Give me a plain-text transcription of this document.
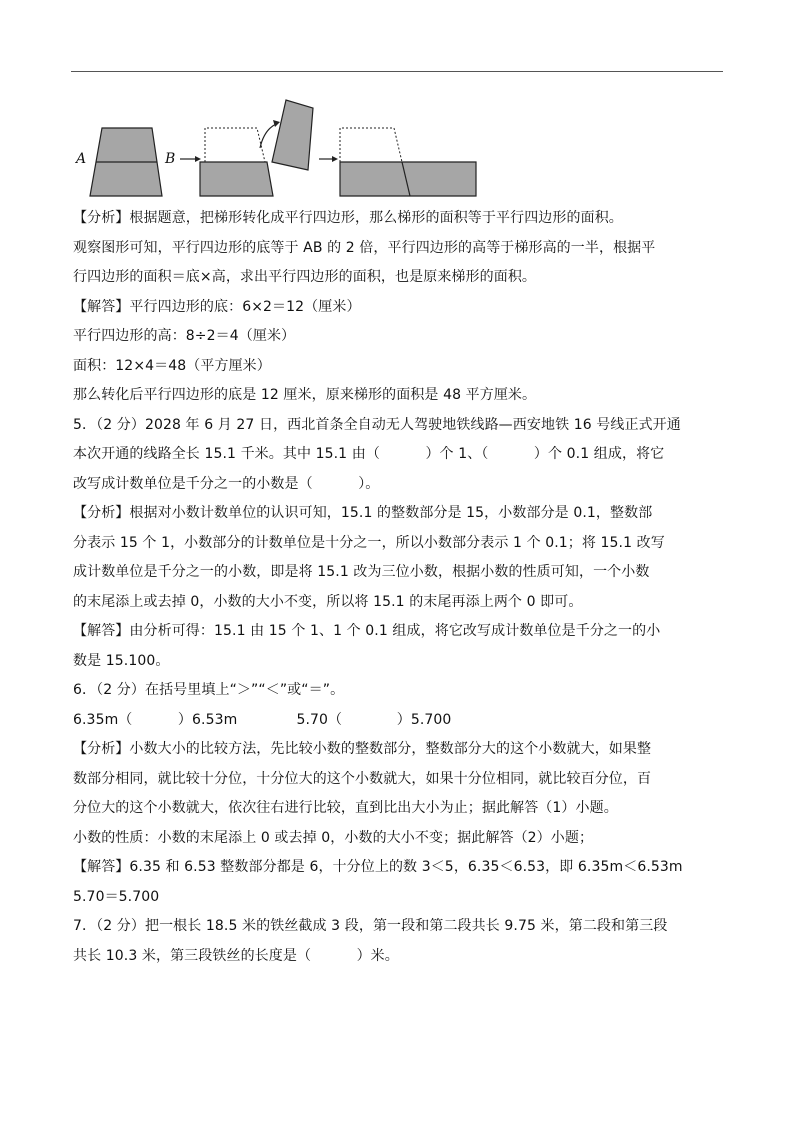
A	B
【分析】根据题意，把梯形转化成平行四边形，那么梯形的面积等于平行四边形的面积。
观察图形可知，平行四边形的底等于 AB 的 2 倍，平行四边形的高等于梯形高的一半，根据平
行四边形的面积＝底×高，求出平行四边形的面积，也是原来梯形的面积。
【解答】平行四边形的底：6×2＝12（厘米）
平行四边形的高：8÷2＝4（厘米）
面积：12×4＝48（平方厘米）
那么转化后平行四边形的底是 12 厘米，原来梯形的面积是 48 平方厘米。
5．（2 分）2028 年 6 月 27 日，西北首条全自动无人驾驶地铁线路—西安地铁 16 号线正式开通
本次开通的线路全长 15.1 千米。其中 15.1 由（          ）个 1、（          ）个 0.1 组成，将它
改写成计数单位是千分之一的小数是（          ）。
【分析】根据对小数计数单位的认识可知，15.1 的整数部分是 15，小数部分是 0.1，整数部
分表示 15 个 1，小数部分的计数单位是十分之一，所以小数部分表示 1 个 0.1；将 15.1 改写
成计数单位是千分之一的小数，即是将 15.1 改为三位小数，根据小数的性质可知，一个小数
的末尾添上或去掉 0，小数的大小不变，所以将 15.1 的末尾再添上两个 0 即可。
【解答】由分析可得：15.1 由 15 个 1、1 个 0.1 组成，将它改写成计数单位是千分之一的小
数是 15.100。
6．（2 分）在括号里填上“＞”“＜”或“＝”。
6.35m（          ）6.53m             5.70（            ）5.700
【分析】小数大小的比较方法，先比较小数的整数部分，整数部分大的这个小数就大，如果整
数部分相同，就比较十分位，十分位大的这个小数就大，如果十分位相同，就比较百分位，百
分位大的这个小数就大，依次往右进行比较，直到比出大小为止；据此解答（1）小题。
小数的性质：小数的末尾添上 0 或去掉 0，小数的大小不变；据此解答（2）小题；
【解答】6.35 和 6.53 整数部分都是 6，十分位上的数 3＜5，6.35＜6.53，即 6.35m＜6.53m
5.70＝5.700
7．（2 分）把一根长 18.5 米的铁丝截成 3 段，第一段和第二段共长 9.75 米，第二段和第三段
共长 10.3 米，第三段铁丝的长度是（          ）米。
